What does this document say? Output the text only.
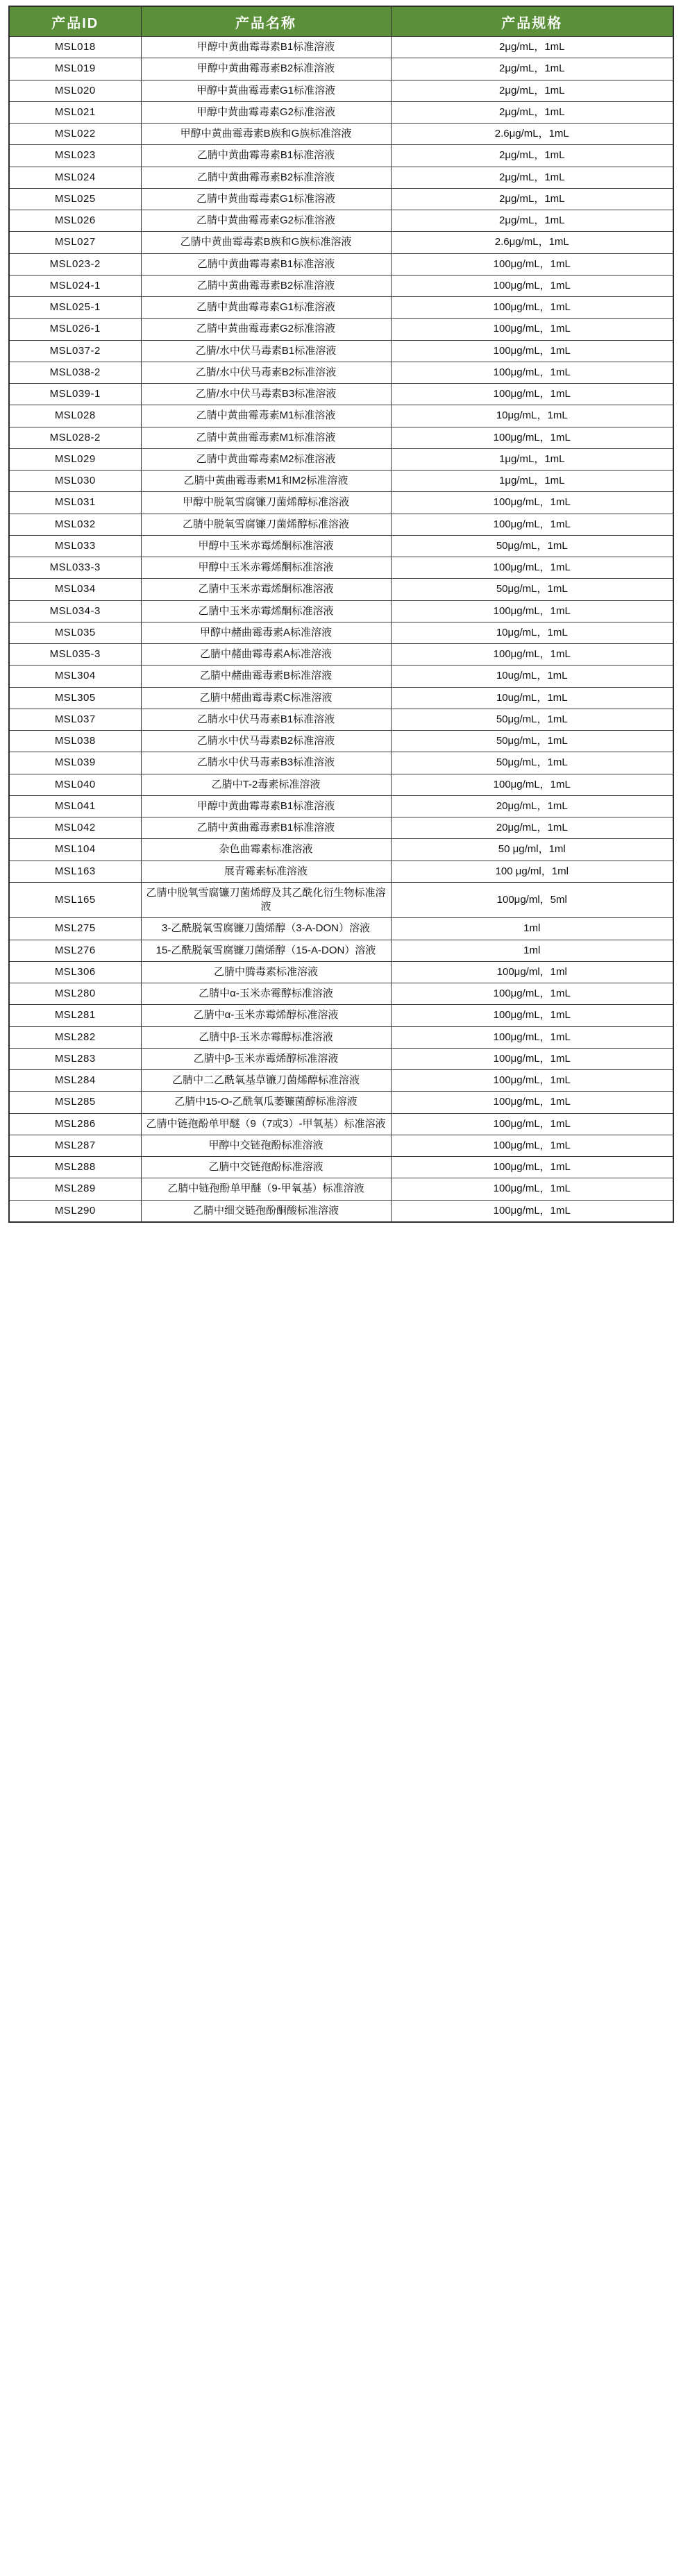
产品ID	产品名称	产品规格
MSL018	甲醇中黄曲霉毒素B1标准溶液	2μg/mL，1mL
MSL019	甲醇中黄曲霉毒素B2标准溶液	2μg/mL，1mL
MSL020	甲醇中黄曲霉毒素G1标准溶液	2μg/mL，1mL
MSL021	甲醇中黄曲霉毒素G2标准溶液	2μg/mL，1mL
MSL022	甲醇中黄曲霉毒素B族和G族标准溶液	2.6μg/mL，1mL
MSL023	乙腈中黄曲霉毒素B1标准溶液	2μg/mL，1mL
MSL024	乙腈中黄曲霉毒素B2标准溶液	2μg/mL，1mL
MSL025	乙腈中黄曲霉毒素G1标准溶液	2μg/mL，1mL
MSL026	乙腈中黄曲霉毒素G2标准溶液	2μg/mL，1mL
MSL027	乙腈中黄曲霉毒素B族和G族标准溶液	2.6μg/mL，1mL
MSL023-2	乙腈中黄曲霉毒素B1标准溶液	100μg/mL，1mL
MSL024-1	乙腈中黄曲霉毒素B2标准溶液	100μg/mL，1mL
MSL025-1	乙腈中黄曲霉毒素G1标准溶液	100μg/mL，1mL
MSL026-1	乙腈中黄曲霉毒素G2标准溶液	100μg/mL，1mL
MSL037-2	乙腈/水中伏马毒素B1标准溶液	100μg/mL，1mL
MSL038-2	乙腈/水中伏马毒素B2标准溶液	100μg/mL，1mL
MSL039-1	乙腈/水中伏马毒素B3标准溶液	100μg/mL，1mL
MSL028	乙腈中黄曲霉毒素M1标准溶液	10μg/mL，1mL
MSL028-2	乙腈中黄曲霉毒素M1标准溶液	100μg/mL，1mL
MSL029	乙腈中黄曲霉毒素M2标准溶液	1μg/mL，1mL
MSL030	乙腈中黄曲霉毒素M1和M2标准溶液	1μg/mL，1mL
MSL031	甲醇中脱氧雪腐镰刀菌烯醇标准溶液	100μg/mL，1mL
MSL032	乙腈中脱氧雪腐镰刀菌烯醇标准溶液	100μg/mL，1mL
MSL033	甲醇中玉米赤霉烯酮标准溶液	50μg/mL，1mL
MSL033-3	甲醇中玉米赤霉烯酮标准溶液	100μg/mL，1mL
MSL034	乙腈中玉米赤霉烯酮标准溶液	50μg/mL，1mL
MSL034-3	乙腈中玉米赤霉烯酮标准溶液	100μg/mL，1mL
MSL035	甲醇中赭曲霉毒素A标准溶液	10μg/mL，1mL
MSL035-3	乙腈中赭曲霉毒素A标准溶液	100μg/mL，1mL
MSL304	乙腈中赭曲霉毒素B标准溶液	10ug/mL，1mL
MSL305	乙腈中赭曲霉毒素C标准溶液	10ug/mL，1mL
MSL037	乙腈水中伏马毒素B1标准溶液	50μg/mL，1mL
MSL038	乙腈水中伏马毒素B2标准溶液	50μg/mL，1mL
MSL039	乙腈水中伏马毒素B3标准溶液	50μg/mL，1mL
MSL040	乙腈中T-2毒素标准溶液	100μg/mL，1mL
MSL041	甲醇中黄曲霉毒素B1标准溶液	20μg/mL，1mL
MSL042	乙腈中黄曲霉毒素B1标准溶液	20μg/mL，1mL
MSL104	杂色曲霉素标准溶液	50 μg/ml，1ml
MSL163	展青霉素标准溶液	100 μg/ml，1ml
MSL165	乙腈中脱氧雪腐镰刀菌烯醇及其乙酰化衍生物标准溶液	100μg/ml，5ml
MSL275	3-乙酰脱氧雪腐镰刀菌烯醇（3-A-DON）溶液	1ml
MSL276	15-乙酰脱氧雪腐镰刀菌烯醇（15-A-DON）溶液	1ml
MSL306	乙腈中腾毒素标准溶液	100μg/ml，1ml
MSL280	乙腈中α-玉米赤霉醇标准溶液	100μg/mL，1mL
MSL281	乙腈中α-玉米赤霉烯醇标准溶液	100μg/mL，1mL
MSL282	乙腈中β-玉米赤霉醇标准溶液	100μg/mL，1mL
MSL283	乙腈中β-玉米赤霉烯醇标准溶液	100μg/mL，1mL
MSL284	乙腈中二乙酰氧基草镰刀菌烯醇标准溶液	100μg/mL，1mL
MSL285	乙腈中15-O-乙酰氧瓜萎镰菌醇标准溶液	100μg/mL，1mL
MSL286	乙腈中链孢酚单甲醚（9（7或3）-甲氧基）标准溶液	100μg/mL，1mL
MSL287	甲醇中交链孢酚标准溶液	100μg/mL，1mL
MSL288	乙腈中交链孢酚标准溶液	100μg/mL，1mL
MSL289	乙腈中链孢酚单甲醚（9-甲氧基）标准溶液	100μg/mL，1mL
MSL290	乙腈中细交链孢酚酮酸标准溶液	100μg/mL，1mL
